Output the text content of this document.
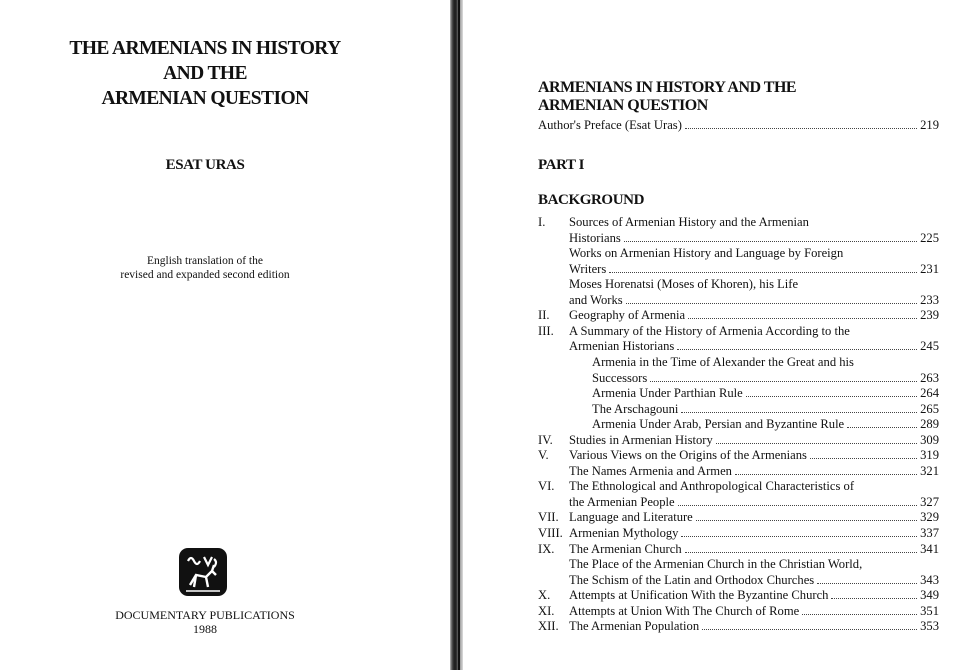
THE ARMENIANS IN HISTORY
AND THE
ARMENIAN QUESTION
ESAT URAS
English translation of the
revised and expanded second edition
DOCUMENTARY PUBLICATIONS
1988
ARMENIANS IN HISTORY AND THE
ARMENIAN QUESTION
PART I
BACKGROUND
Author's Preface (Esat Uras)	219
I. Sources of Armenian History and the Armenian
Historians	225
Works on Armenian History and Language by Foreign
Writers	231
Moses Horenatsi (Moses of Khoren), his Life
and Works	233
II. Geography of Armenia	239
III. A Summary of the History of Armenia According to the
Armenian Historians	245
Armenia in the Time of Alexander the Great and his
Successors	263
Armenia Under Parthian Rule	264
The Arschagouni	265
Armenia Under Arab, Persian and Byzantine Rule	289
IV. Studies in Armenian History	309
V. Various Views on the Origins of the Armenians	319
The Names Armenia and Armen	321
VI. The Ethnological and Anthropological Characteristics of
the Armenian People	327
VII. Language and Literature	329
VIII. Armenian Mythology	337
IX. The Armenian Church	341
The Place of the Armenian Church in the Christian World,
The Schism of the Latin and Orthodox Churches	343
X. Attempts at Unification With the Byzantine Church	349
XI. Attempts at Union With The Church of Rome	351
XII. The Armenian Population	353
